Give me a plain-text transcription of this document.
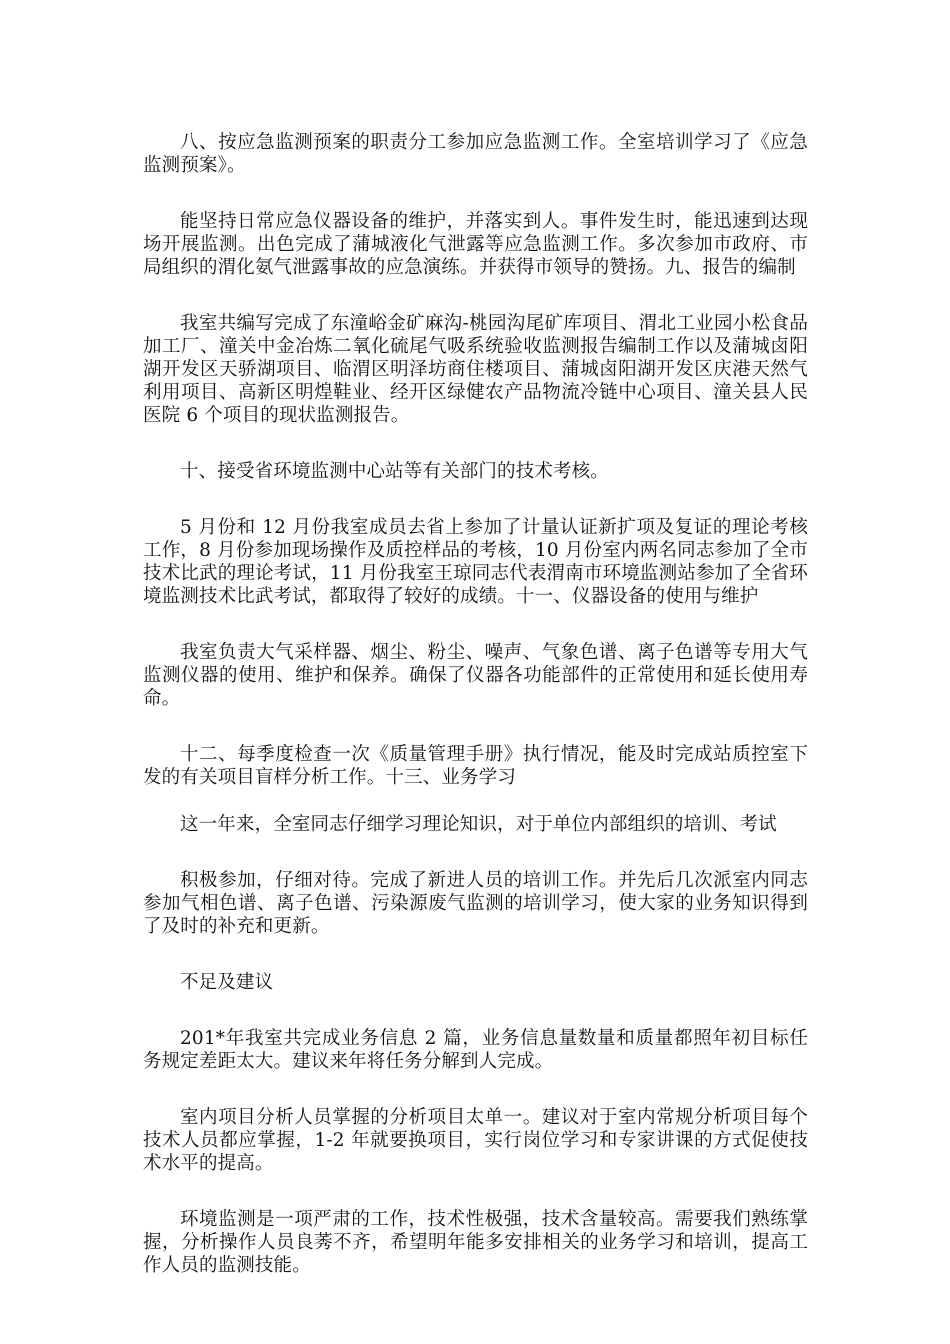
八、按应急监测预案的职责分工参加应急监测工作。全室培训学习了《应急监测预案》。

能坚持日常应急仪器设备的维护，并落实到人。事件发生时，能迅速到达现场开展监测。出色完成了蒲城液化气泄露等应急监测工作。多次参加市政府、市局组织的渭化氨气泄露事故的应急演练。并获得市领导的赞扬。九、报告的编制

我室共编写完成了东潼峪金矿麻沟-桃园沟尾矿库项目、渭北工业园小松食品加工厂、潼关中金冶炼二氧化硫尾气吸系统验收监测报告编制工作以及蒲城卤阳湖开发区天骄湖项目、临渭区明泽坊商住楼项目、蒲城卤阳湖开发区庆港天然气利用项目、高新区明煌鞋业、经开区绿健农产品物流冷链中心项目、潼关县人民医院 6 个项目的现状监测报告。

十、接受省环境监测中心站等有关部门的技术考核。

5 月份和 12 月份我室成员去省上参加了计量认证新扩项及复证的理论考核工作，8 月份参加现场操作及质控样品的考核，10 月份室内两名同志参加了全市技术比武的理论考试，11 月份我室王琼同志代表渭南市环境监测站参加了全省环境监测技术比武考试，都取得了较好的成绩。十一、仪器设备的使用与维护

我室负责大气采样器、烟尘、粉尘、噪声、气象色谱、离子色谱等专用大气监测仪器的使用、维护和保养。确保了仪器各功能部件的正常使用和延长使用寿命。

十二、每季度检查一次《质量管理手册》执行情况，能及时完成站质控室下发的有关项目盲样分析工作。十三、业务学习

这一年来，全室同志仔细学习理论知识，对于单位内部组织的培训、考试

积极参加，仔细对待。完成了新进人员的培训工作。并先后几次派室内同志参加气相色谱、离子色谱、污染源废气监测的培训学习，使大家的业务知识得到了及时的补充和更新。

不足及建议

201*年我室共完成业务信息 2 篇，业务信息量数量和质量都照年初目标任务规定差距太大。建议来年将任务分解到人完成。

室内项目分析人员掌握的分析项目太单一。建议对于室内常规分析项目每个技术人员都应掌握，1-2 年就要换项目，实行岗位学习和专家讲课的方式促使技术水平的提高。

环境监测是一项严肃的工作，技术性极强，技术含量较高。需要我们熟练掌握，分析操作人员良莠不齐，希望明年能多安排相关的业务学习和培训，提高工作人员的监测技能。
